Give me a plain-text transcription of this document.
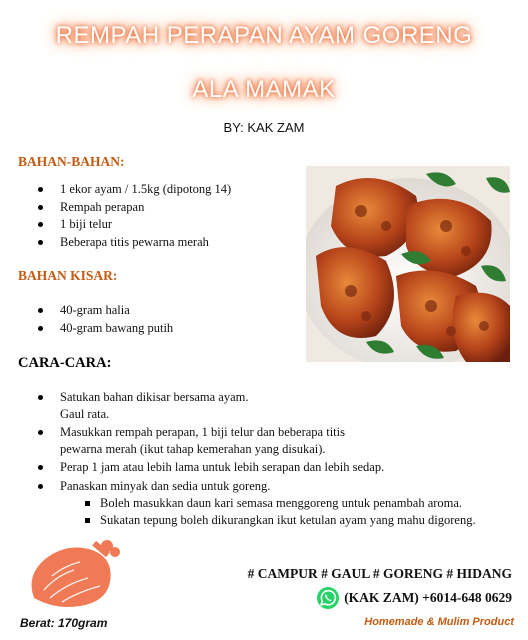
REMPAH PERAPAN AYAM GORENG
ALA MAMAK
BY: KAK ZAM
BAHAN-BAHAN:
1 ekor ayam / 1.5kg (dipotong 14)
Rempah perapan
1 biji telur
Beberapa titis pewarna merah
BAHAN KISAR:
40-gram halia
40-gram bawang putih
CARA-CARA:
Satukan bahan dikisar bersama ayam.
Gaul rata.
Masukkan rempah perapan, 1 biji telur dan beberapa titis
pewarna merah (ikut tahap kemerahan yang disukai).
Perap 1 jam atau lebih lama untuk lebih serapan dan lebih sedap.
Panaskan minyak dan sedia untuk goreng.
Boleh masukkan daun kari semasa menggoreng untuk penambah aroma.
Sukatan tepung boleh dikurangkan ikut ketulan ayam yang mahu digoreng.
# CAMPUR # GAUL # GORENG # HIDANG
(KAK ZAM) +6014-648 0629
Berat: 170gram	Homemade & Mulim Product
